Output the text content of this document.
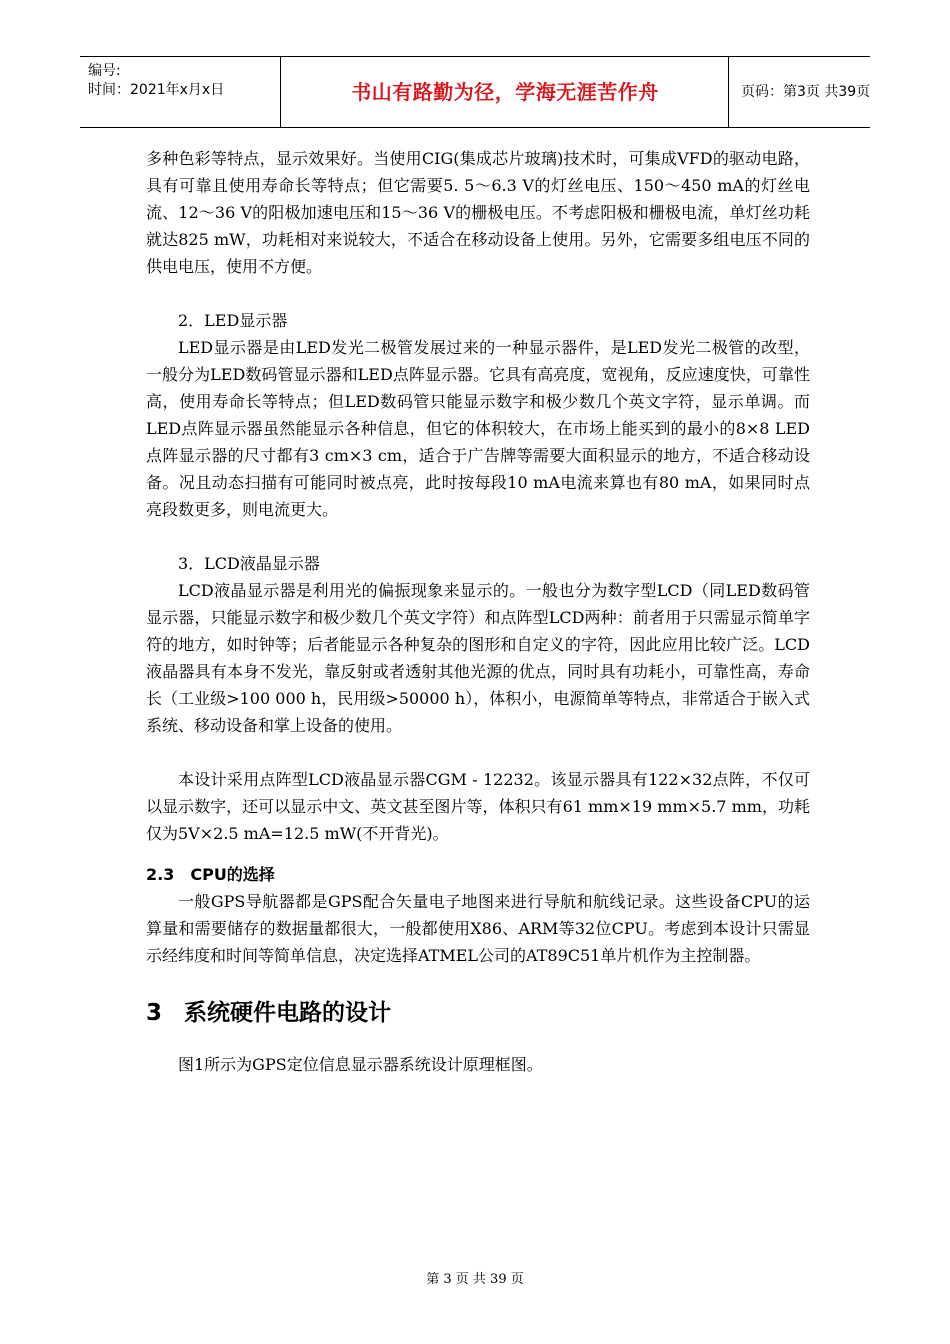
编号:
时间：2021年x月x日	书山有路勤为径，学海无涯苦作舟	页码：第3页 共39页

多种色彩等特点，显示效果好。当使用CIG(集成芯片玻璃)技术时，可集成VFD的驱动电路，具有可靠且使用寿命长等特点；但它需要5. 5～6.3 V的灯丝电压、150～450 mA的灯丝电流、12～36 V的阳极加速电压和15～36 V的栅极电压。不考虑阳极和栅极电流，单灯丝功耗就达825 mW，功耗相对来说较大，不适合在移动设备上使用。另外，它需要多组电压不同的供电电压，使用不方便。

2．LED显示器

LED显示器是由LED发光二极管发展过来的一种显示器件，是LED发光二极管的改型，一般分为LED数码管显示器和LED点阵显示器。它具有高亮度，宽视角，反应速度快，可靠性高，使用寿命长等特点；但LED数码管只能显示数字和极少数几个英文字符，显示单调。而LED点阵显示器虽然能显示各种信息，但它的体积较大，在市场上能买到的最小的8×8 LED点阵显示器的尺寸都有3 cm×3 cm，适合于广告牌等需要大面积显示的地方，不适合移动设备。况且动态扫描有可能同时被点亮，此时按每段10 mA电流来算也有80 mA，如果同时点亮段数更多，则电流更大。

3．LCD液晶显示器

LCD液晶显示器是利用光的偏振现象来显示的。一般也分为数字型LCD（同LED数码管显示器，只能显示数字和极少数几个英文字符）和点阵型LCD两种：前者用于只需显示简单字符的地方，如时钟等；后者能显示各种复杂的图形和自定义的字符，因此应用比较广泛。LCD液晶器具有本身不发光，靠反射或者透射其他光源的优点，同时具有功耗小，可靠性高，寿命长（工业级>100 000 h，民用级>50000 h），体积小，电源简单等特点，非常适合于嵌入式系统、移动设备和掌上设备的使用。

本设计采用点阵型LCD液晶显示器CGM - 12232。该显示器具有122×32点阵，不仅可以显示数字，还可以显示中文、英文甚至图片等，体积只有61 mm×19 mm×5.7 mm，功耗仅为5V×2.5 mA=12.5 mW(不开背光)。

2.3　CPU的选择

一般GPS导航器都是GPS配合矢量电子地图来进行导航和航线记录。这些设备CPU的运算量和需要储存的数据量都很大，一般都使用X86、ARM等32位CPU。考虑到本设计只需显示经纬度和时间等简单信息，决定选择ATMEL公司的AT89C51单片机作为主控制器。

3 系统硬件电路的设计

图1所示为GPS定位信息显示器系统设计原理框图。

第 3 页 共 39 页
